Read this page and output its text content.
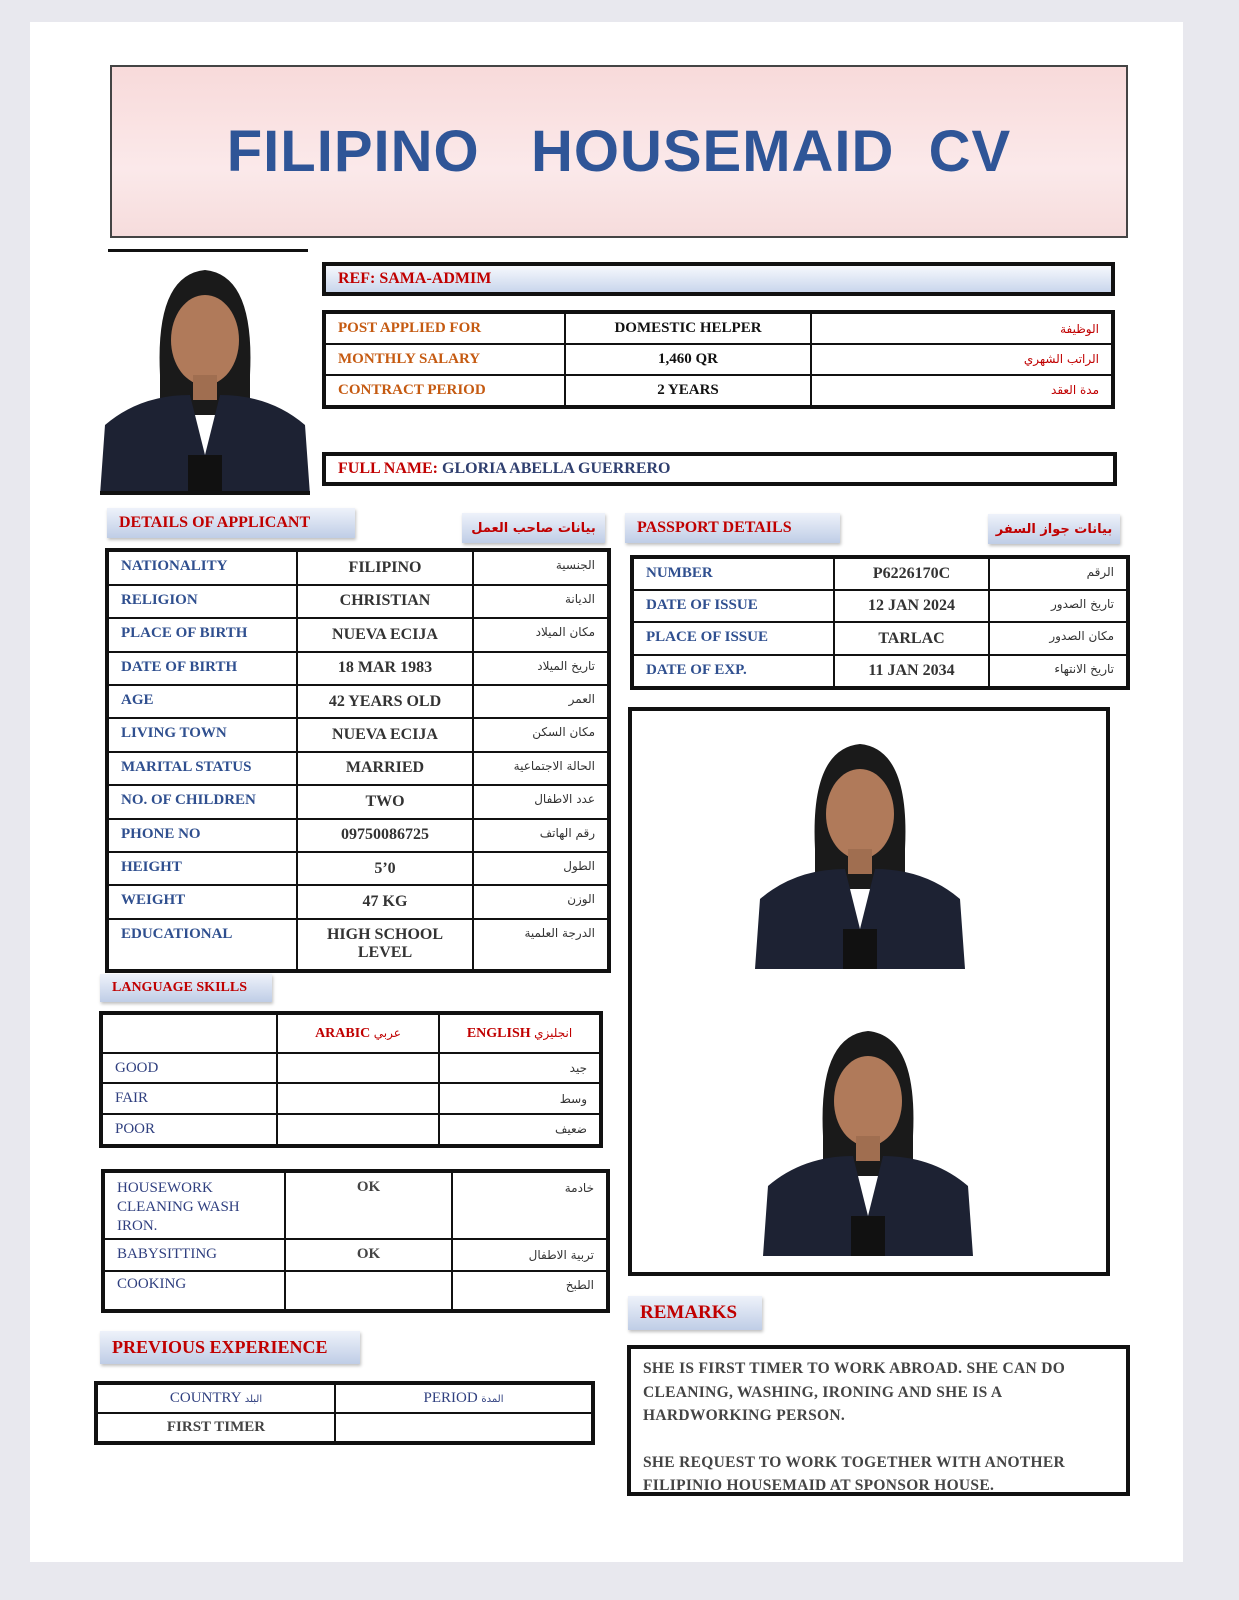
FILIPINO   HOUSEMAID  CV
REF: SAMA-ADMIM
POST APPLIED FOR	DOMESTIC HELPER	الوظيفة
MONTHLY SALARY	1,460 QR	الراتب الشهري
CONTRACT PERIOD	2 YEARS	مدة العقد
FULL NAME: GLORIA ABELLA GUERRERO
DETAILS OF APPLICANT	بيانات صاحب العمل
NATIONALITY	FILIPINO	الجنسية
RELIGION	CHRISTIAN	الديانة
PLACE OF BIRTH	NUEVA ECIJA	مكان الميلاد
DATE OF BIRTH	18 MAR 1983	تاريخ الميلاد
AGE	42 YEARS OLD	العمر
LIVING TOWN	NUEVA ECIJA	مكان السكن
MARITAL STATUS	MARRIED	الحالة الاجتماعية
NO. OF CHILDREN	TWO	عدد الاطفال
PHONE NO	09750086725	رقم الهاتف
HEIGHT	5’0	الطول
WEIGHT	47 KG	الوزن
EDUCATIONAL	HIGH SCHOOL LEVEL	الدرجة العلمية
PASSPORT DETAILS	بيانات جواز السفر
NUMBER	P6226170C	الرقم
DATE OF ISSUE	12 JAN 2024	تاريخ الصدور
PLACE OF ISSUE	TARLAC	مكان الصدور
DATE OF EXP.	11 JAN 2034	تاريخ الانتهاء
LANGUAGE SKILLS
	ARABIC عربي	ENGLISH انجليزي
GOOD		جيد
FAIR		وسط
POOR		ضعيف
HOUSEWORK CLEANING WASH IRON.	OK	خادمة
BABYSITTING	OK	تربية الاطفال
COOKING		الطبخ
PREVIOUS EXPERIENCE
COUNTRY البلد	PERIOD المدة
FIRST TIMER	
REMARKS

SHE IS FIRST TIMER TO WORK ABROAD. SHE CAN DO CLEANING, WASHING, IRONING AND SHE IS A HARDWORKING PERSON.

SHE REQUEST TO WORK TOGETHER WITH ANOTHER FILIPINIO HOUSEMAID AT SPONSOR HOUSE.
